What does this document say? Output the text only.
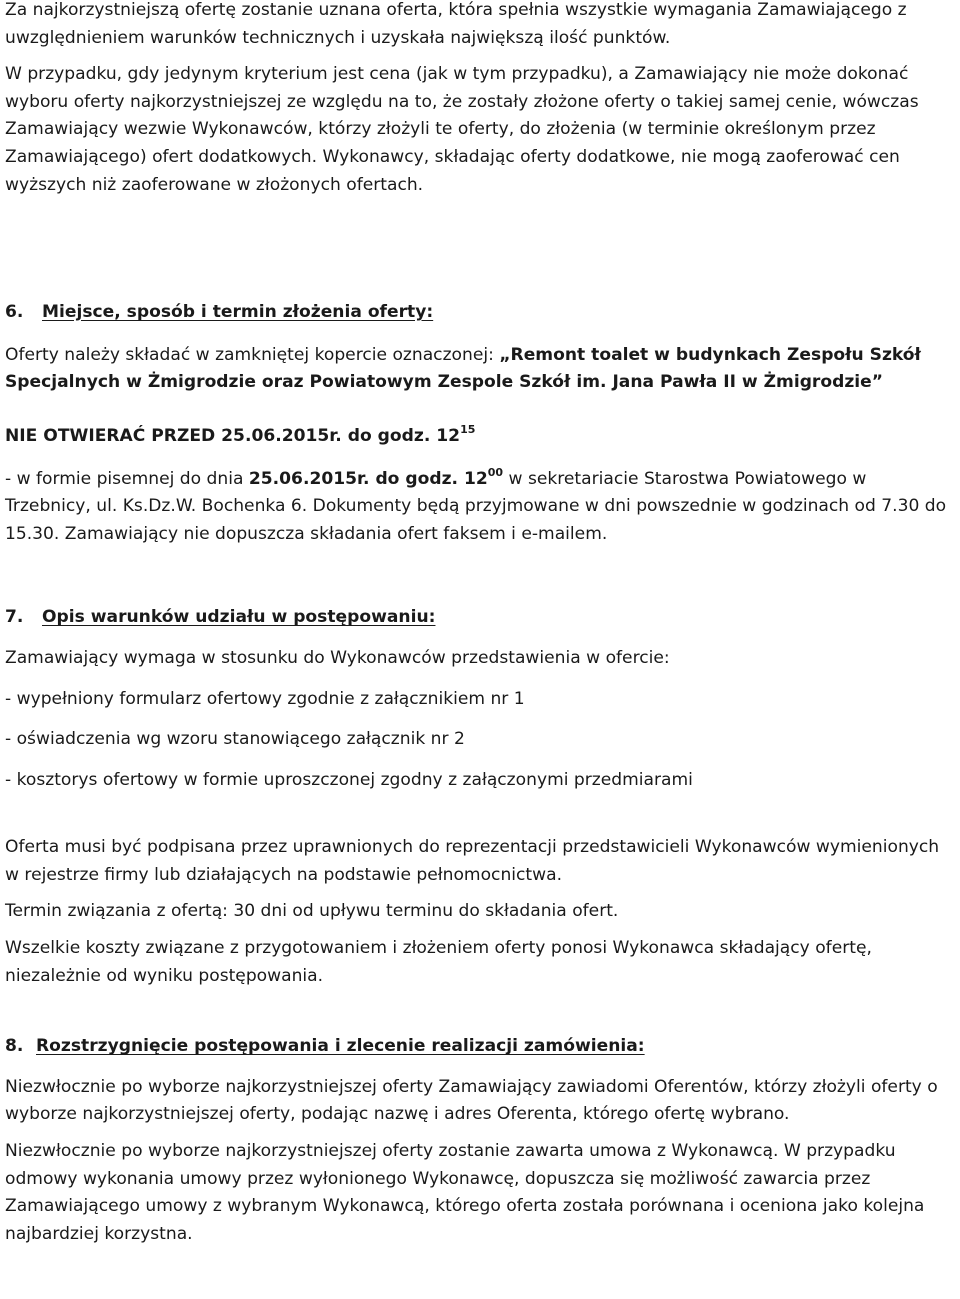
Za najkorzystniejszą ofertę zostanie uznana oferta, która spełnia wszystkie wymagania Zamawiającego z uwzględnieniem warunków technicznych i uzyskała największą ilość punktów.

W przypadku, gdy jedynym kryterium jest cena (jak w tym przypadku), a Zamawiający nie może dokonać wyboru oferty najkorzystniejszej ze względu na to, że zostały złożone oferty o takiej samej cenie, wówczas Zamawiający wezwie Wykonawców, którzy złożyli te oferty, do złożenia (w terminie określonym przez Zamawiającego) ofert dodatkowych. Wykonawcy, składając oferty dodatkowe, nie mogą zaoferować cen wyższych niż zaoferowane w złożonych ofertach.

6. Miejsce, sposób i termin złożenia oferty:

Oferty należy składać w zamkniętej kopercie oznaczonej: „Remont toalet w budynkach Zespołu Szkół Specjalnych w Żmigrodzie oraz Powiatowym Zespole Szkół im. Jana Pawła II w Żmigrodzie”

NIE OTWIERAĆ PRZED 25.06.2015r. do godz. $12^{15}$

- w formie pisemnej do dnia 25.06.2015r. do godz. $12^{00}$ w sekretariacie Starostwa Powiatowego w Trzebnicy, ul. Ks.Dz.W. Bochenka 6. Dokumenty będą przyjmowane w dni powszednie w godzinach od 7.30 do 15.30. Zamawiający nie dopuszcza składania ofert faksem i e-mailem.

7. Opis warunków udziału w postępowaniu:

Zamawiający wymaga w stosunku do Wykonawców przedstawienia w ofercie:

- wypełniony formularz ofertowy zgodnie z załącznikiem nr 1

- oświadczenia wg wzoru stanowiącego załącznik nr 2

- kosztorys ofertowy w formie uproszczonej zgodny z załączonymi przedmiarami

Oferta musi być podpisana przez uprawnionych do reprezentacji przedstawicieli Wykonawców wymienionych w rejestrze firmy lub działających na podstawie pełnomocnictwa.

Termin związania z ofertą: 30 dni od upływu terminu do składania ofert.

Wszelkie koszty związane z przygotowaniem i złożeniem oferty ponosi Wykonawca składający ofertę, niezależnie od wyniku postępowania.

8. Rozstrzygnięcie postępowania i zlecenie realizacji zamówienia:

Niezwłocznie po wyborze najkorzystniejszej oferty Zamawiający zawiadomi Oferentów, którzy złożyli oferty o wyborze najkorzystniejszej oferty, podając nazwę i adres Oferenta, którego ofertę wybrano.

Niezwłocznie po wyborze najkorzystniejszej oferty zostanie zawarta umowa z Wykonawcą. W przypadku odmowy wykonania umowy przez wyłonionego Wykonawcę, dopuszcza się możliwość zawarcia przez Zamawiającego umowy z wybranym Wykonawcą, którego oferta została porównana i oceniona jako kolejna najbardziej korzystna.
